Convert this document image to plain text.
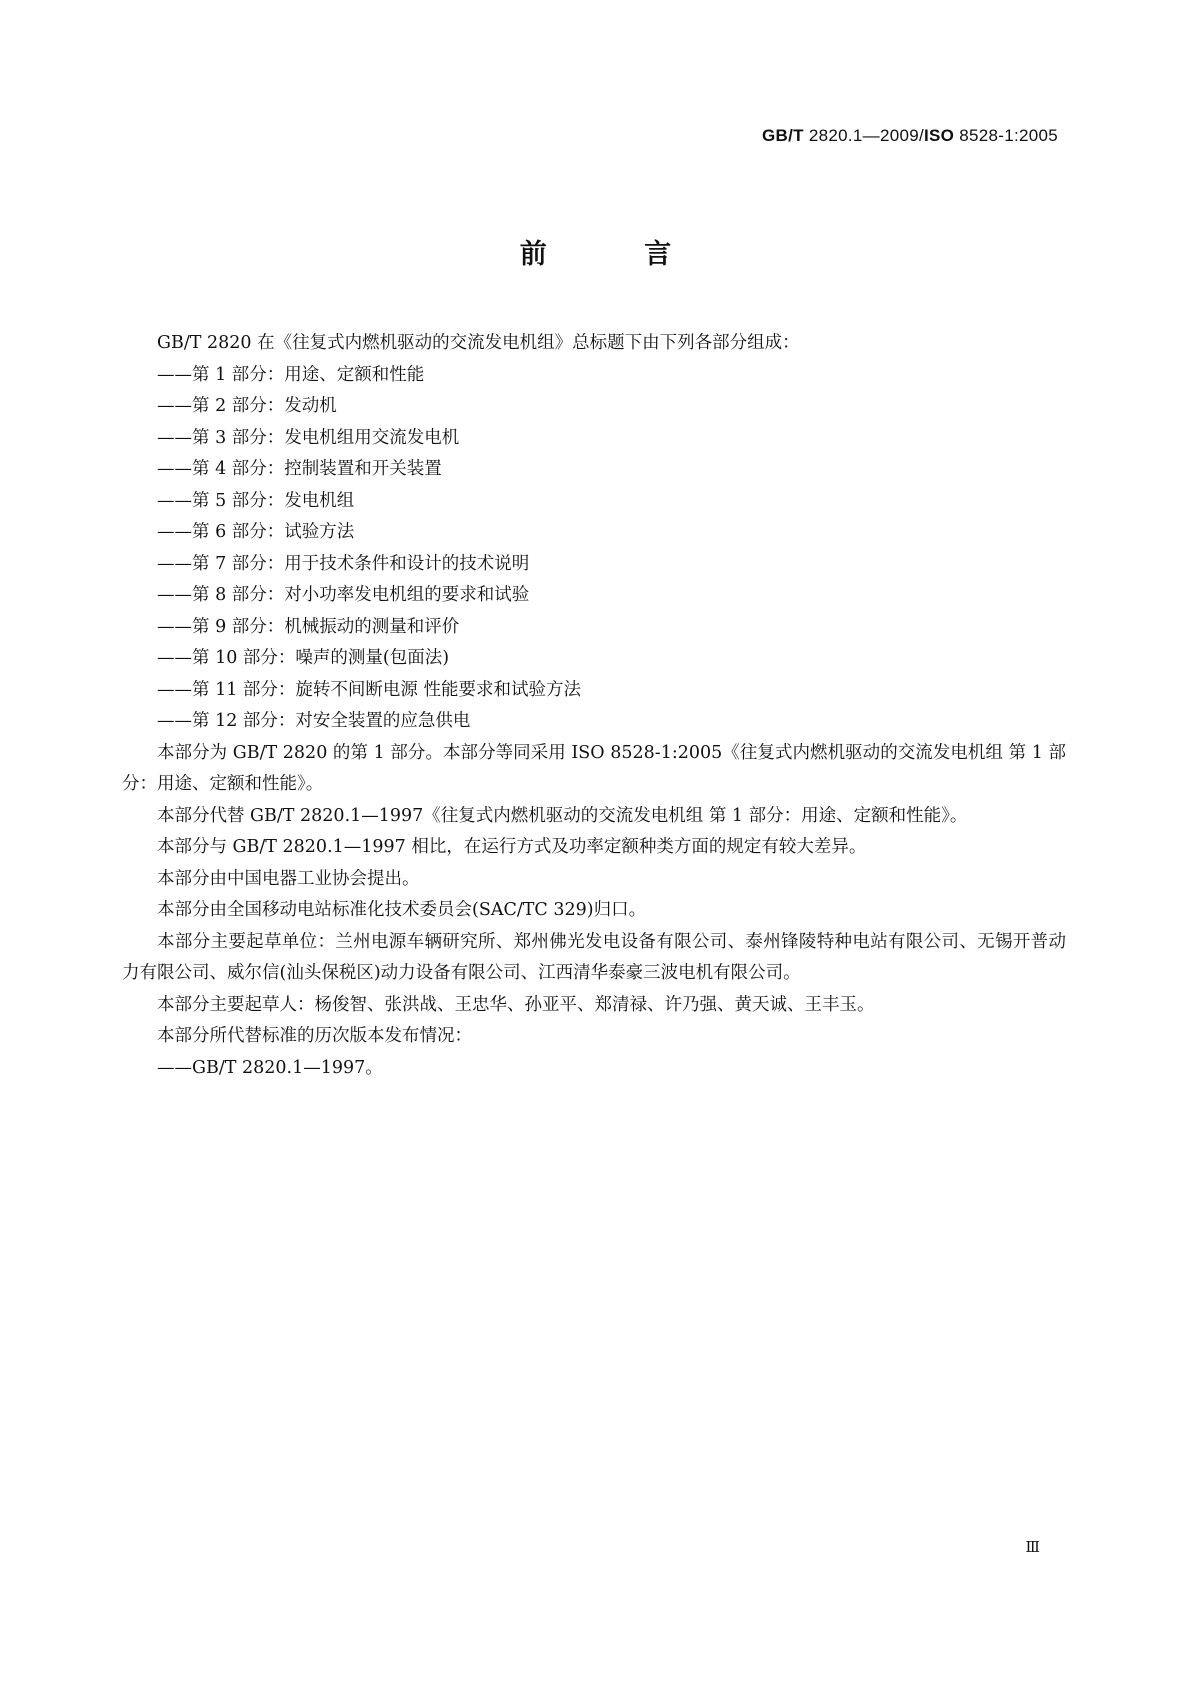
GB/T 2820.1—2009/ISO 8528-1:2005
前 言

GB/T 2820 在《往复式内燃机驱动的交流发电机组》总标题下由下列各部分组成：

——第 1 部分：用途、定额和性能

——第 2 部分：发动机

——第 3 部分：发电机组用交流发电机

——第 4 部分：控制装置和开关装置

——第 5 部分：发电机组

——第 6 部分：试验方法

——第 7 部分：用于技术条件和设计的技术说明

——第 8 部分：对小功率发电机组的要求和试验

——第 9 部分：机械振动的测量和评价

——第 10 部分：噪声的测量(包面法)

——第 11 部分：旋转不间断电源 性能要求和试验方法

——第 12 部分：对安全装置的应急供电

本部分为 GB/T 2820 的第 1 部分。本部分等同采用 ISO 8528-1:2005《往复式内燃机驱动的交流发电机组 第 1 部分：用途、定额和性能》。

本部分代替 GB/T 2820.1—1997《往复式内燃机驱动的交流发电机组 第 1 部分：用途、定额和性能》。

本部分与 GB/T 2820.1—1997 相比，在运行方式及功率定额种类方面的规定有较大差异。

本部分由中国电器工业协会提出。

本部分由全国移动电站标准化技术委员会(SAC/TC 329)归口。

本部分主要起草单位：兰州电源车辆研究所、郑州佛光发电设备有限公司、泰州锋陵特种电站有限公司、无锡开普动力有限公司、威尔信(汕头保税区)动力设备有限公司、江西清华泰豪三波电机有限公司。

本部分主要起草人：杨俊智、张洪战、王忠华、孙亚平、郑清禄、许乃强、黄天诚、王丰玉。

本部分所代替标准的历次版本发布情况：

——GB/T 2820.1—1997。

Ⅲ
